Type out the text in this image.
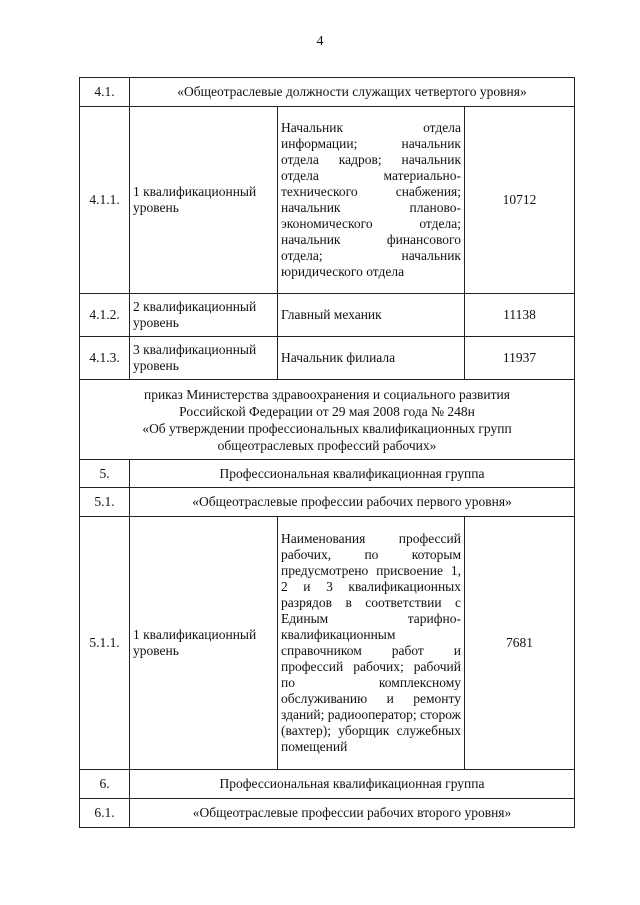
4
4.1.	«Общеотраслевые должности служащих четвертого уровня»		
4.1.1.	1 квалификационный уровень	Начальник отдела информации; начальник отдела кадров; начальник отдела материально-технического снабжения; начальник планово-экономического отдела; начальник финансового отдела; начальник юридического отдела	10712
4.1.2.	2 квалификационный уровень	Главный механик	11138
4.1.3.	3 квалификационный уровень	Начальник филиала	11937

приказ Министерства здравоохранения и социального развития
Российской Федерации от 29 мая 2008 года № 248н
«Об утверждении профессиональных квалификационных групп
общеотраслевых профессий рабочих»			

5.	Профессиональная квалификационная группа		
5.1.	«Общеотраслевые профессии рабочих первого уровня»		
5.1.1.	1 квалификационный уровень	Наименования профессий рабочих, по которым предусмотрено присвоение 1, 2 и 3 квалификационных разрядов в соответствии с Единым тарифно-квалификационным справочником работ и профессий рабочих; рабочий по комплексному обслуживанию и ремонту зданий; радиооператор; сторож (вахтер); уборщик служебных помещений	7681
6.	Профессиональная квалификационная группа		
6.1.	«Общеотраслевые профессии рабочих второго уровня»		
